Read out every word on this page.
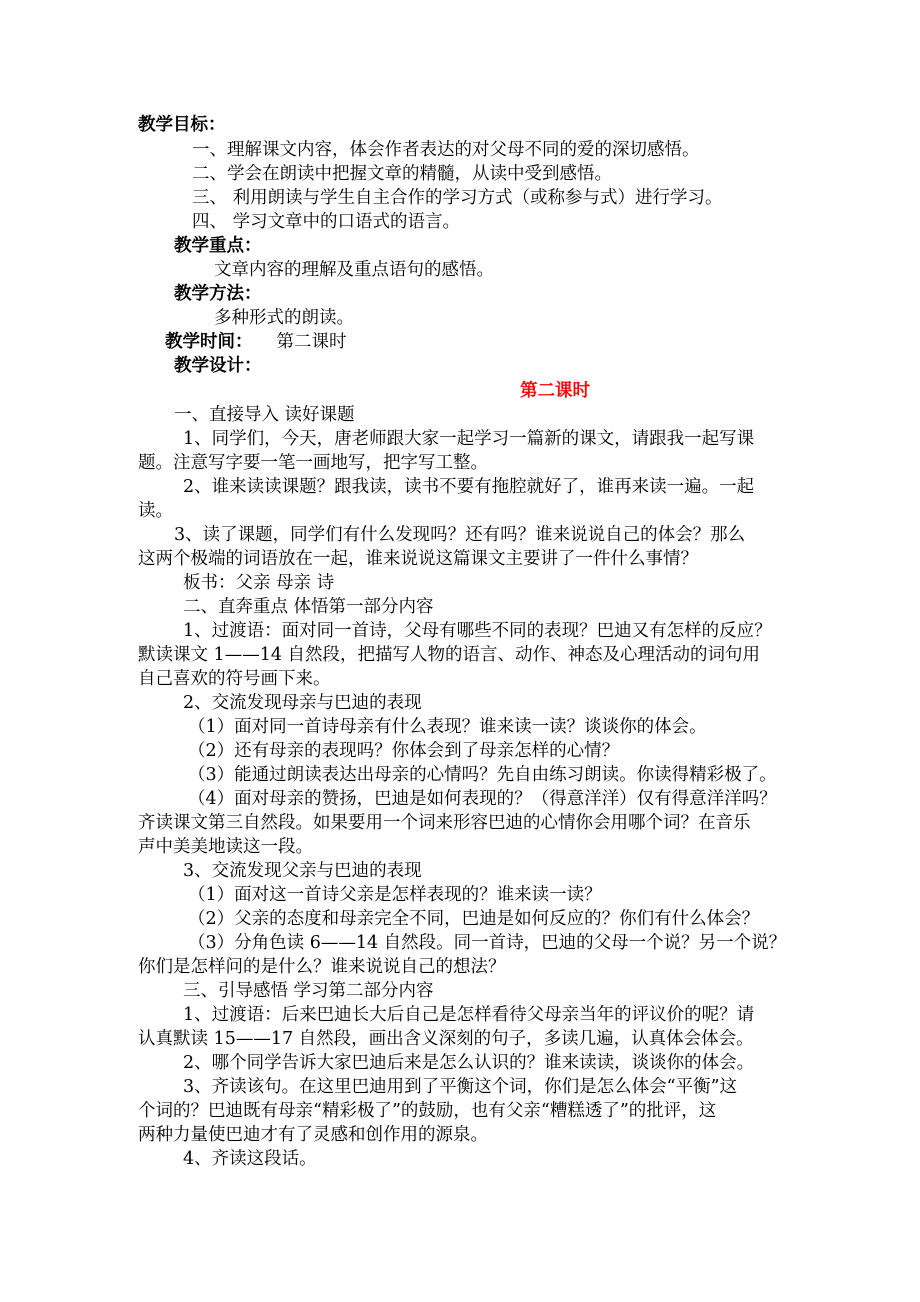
教学目标：
一、理解课文内容，体会作者表达的对父母不同的爱的深切感悟。
二、学会在朗读中把握文章的精髓，从读中受到感悟。
三、 利用朗读与学生自主合作的学习方式（或称参与式）进行学习。
四、 学习文章中的口语式的语言。
教学重点：
文章内容的理解及重点语句的感悟。
教学方法：
多种形式的朗读。
教学时间： 第二课时
教学设计：
第二课时
一、直接导入 读好课题
1、同学们，今天，唐老师跟大家一起学习一篇新的课文，请跟我一起写课
题。注意写字要一笔一画地写，把字写工整。
2、谁来读读课题？跟我读，读书不要有拖腔就好了，谁再来读一遍。一起
读。
3、读了课题，同学们有什么发现吗？还有吗？谁来说说自己的体会？那么
这两个极端的词语放在一起，谁来说说这篇课文主要讲了一件什么事情？
板书：父亲 母亲 诗
二、直奔重点 体悟第一部分内容
1、过渡语：面对同一首诗，父母有哪些不同的表现？巴迪又有怎样的反应？
默读课文 1——14 自然段，把描写人物的语言、动作、神态及心理活动的词句用
自己喜欢的符号画下来。
2、交流发现母亲与巴迪的表现
（1）面对同一首诗母亲有什么表现？谁来读一读？谈谈你的体会。
（2）还有母亲的表现吗？你体会到了母亲怎样的心情？
（3）能通过朗读表达出母亲的心情吗？先自由练习朗读。你读得精彩极了。
（4）面对母亲的赞扬，巴迪是如何表现的？（得意洋洋）仅有得意洋洋吗？
齐读课文第三自然段。如果要用一个词来形容巴迪的心情你会用哪个词？在音乐
声中美美地读这一段。
3、交流发现父亲与巴迪的表现
（1）面对这一首诗父亲是怎样表现的？谁来读一读？
（2）父亲的态度和母亲完全不同，巴迪是如何反应的？你们有什么体会？
（3）分角色读 6——14 自然段。同一首诗，巴迪的父母一个说？另一个说？
你们是怎样问的是什么？谁来说说自己的想法？
三、引导感悟 学习第二部分内容
1、过渡语：后来巴迪长大后自己是怎样看待父母亲当年的评议价的呢？请
认真默读 15——17 自然段，画出含义深刻的句子，多读几遍，认真体会体会。
2、哪个同学告诉大家巴迪后来是怎么认识的？谁来读读，谈谈你的体会。
3、齐读该句。在这里巴迪用到了平衡这个词，你们是怎么体会“平衡”这
个词的？巴迪既有母亲“精彩极了”的鼓励，也有父亲“糟糕透了”的批评，这
两种力量使巴迪才有了灵感和创作用的源泉。
4、齐读这段话。
